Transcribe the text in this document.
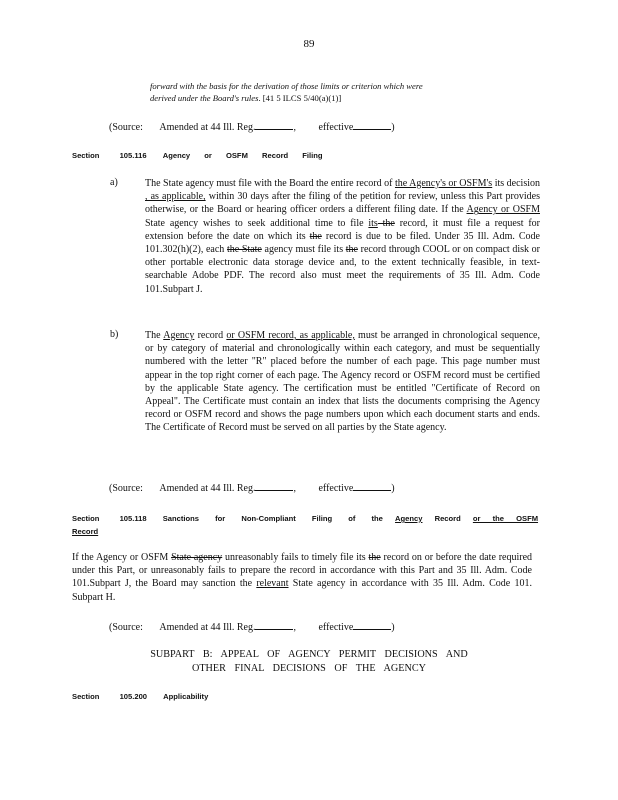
89
forward with the basis for the derivation of those limits or criterion which were
derived under the Board's rules. [41 5 ILCS 5/40(a)(1)]
(Source: Amended at 44 Ill. Reg.	, effective	)
Section	105.116 Agency or OSFM Record Filing
a)	The State agency must file with the Board the entire record of the Agency's or OSFM's its decision , as applicable, within 30 days after the filing of the petition for review, unless this Part provides otherwise, or the Board or hearing officer orders a different filing date. If the Agency or OSFM State agency wishes to seek additional time to file its the record, it must file a request for extension before the date on which its the record is due to be filed. Under 35 Ill. Adm. Code 101.302(h)(2), each the State agency must file its the record through COOL or on compact disk or other portable electronic data storage device and, to the extent technically feasible, in text-searchable Adobe PDF. The record also must meet the requirements of 35 Ill. Adm. Code 101.Subpart J.
b)	The Agency record or OSFM record, as applicable, must be arranged in chronological sequence, or by category of material and chronologically within each category, and must be sequentially numbered with the letter "R" placed before the number of each page. This page number must appear in the top right corner of each page. The Agency record or OSFM record must be certified by the applicable State agency. The certification must be entitled "Certificate of Record on Appeal". The Certificate must contain an index that lists the documents comprising the Agency record or OSFM record and shows the page numbers upon which each document starts and ends. The Certificate of Record must be served on all parties by the State agency.
(Source: Amended at 44 Ill. Reg.	, effective	)
Section	105.118 Sanctions for Non-Compliant Filing of the Agency Record or the OSFM
Record
If the Agency or OSFM State agency unreasonably fails to timely file its the record on or before the date required under this Part, or unreasonably fails to prepare the record in accordance with this Part and 35 Ill. Adm. Code 101.Subpart J, the Board may sanction the relevant State agency in accordance with 35 Ill. Adm. Code 101. Subpart H.
(Source: Amended at 44 Ill. Reg.	, effective	)
SUBPART B: APPEAL OF AGENCY PERMIT DECISIONS AND
OTHER FINAL DECISIONS OF THE AGENCY
Section	105.200 Applicability
